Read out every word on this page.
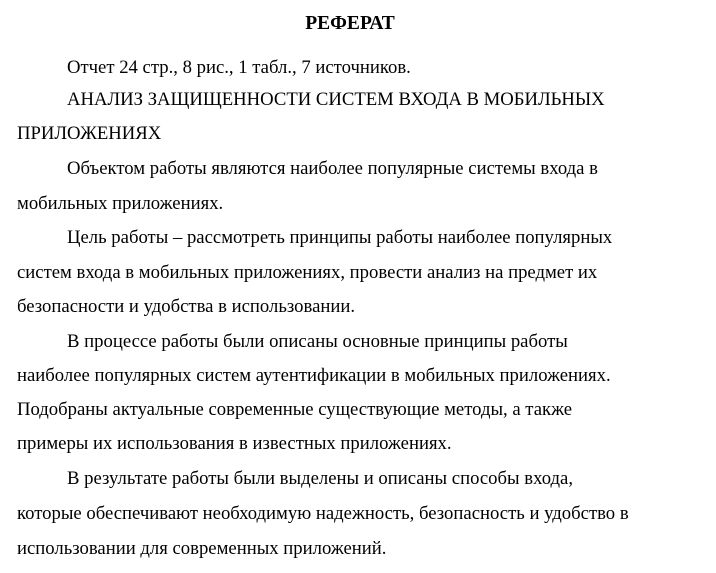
РЕФЕРАТ

Отчет 24 стр., 8 рис., 1 табл., 7 источников.

АНАЛИЗ ЗАЩИЩЕННОСТИ СИСТЕМ ВХОДА В МОБИЛЬНЫХ

ПРИЛОЖЕНИЯХ

Объектом работы являются наиболее популярные системы входа в

мобильных приложениях.

Цель работы – рассмотреть принципы работы наиболее популярных

систем входа в мобильных приложениях, провести анализ на предмет их

безопасности и удобства в использовании.

В процессе работы были описаны основные принципы работы

наиболее популярных систем аутентификации в мобильных приложениях.

Подобраны актуальные современные существующие методы, а также

примеры их использования в известных приложениях.

В результате работы были выделены и описаны способы входа,

которые обеспечивают необходимую надежность, безопасность и удобство в

использовании для современных приложений.
